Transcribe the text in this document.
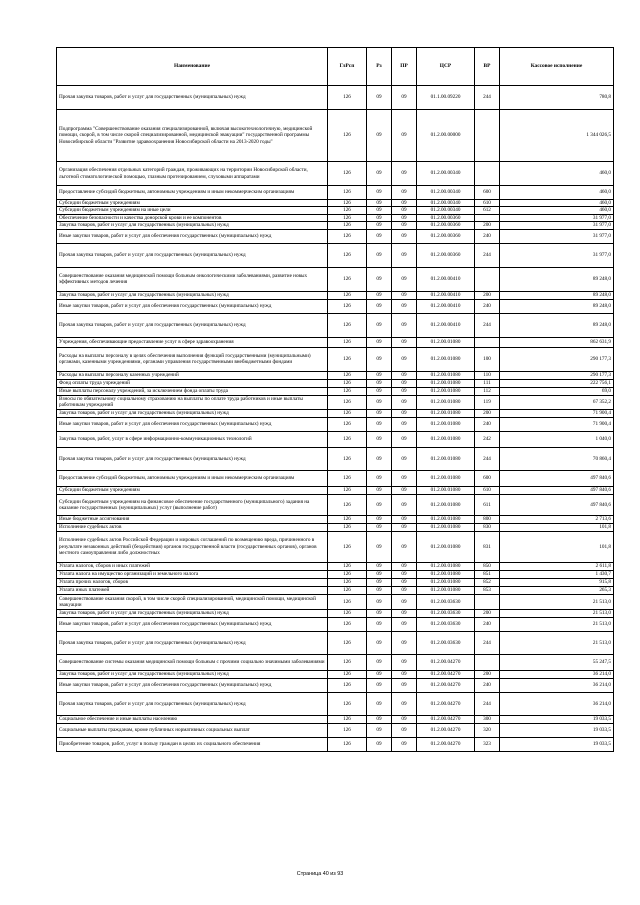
Наименование	ГлРсп	Рз	ПР	ЦСР	ВР	Кассовое исполнение
Прочая закупка товаров, работ и услуг для государственных (муниципальных) нужд	126	09	09	01.1.00.09220	244	780,8
Подпрограмма "Совершенствование оказания специализированной, включая высокотехнологичную, медицинской помощи, скорой, в том числе скорой специализированной, медицинской эвакуации" государственной программы Новосибирской области "Развитие здравоохранения Новосибирской области на 2013-2020 годы"	126	09	09	01.2.00.00000		1 344 026,5
Организация обеспечения отдельных категорий граждан, проживающих на территории Новосибирской области, льготной стоматологической помощью, глазным протезированием, слуховыми аппаратами	126	09	09	01.2.00.00340		460,0
Предоставление субсидий бюджетным, автономным учреждениям и иным некоммерческим организациям	126	09	09	01.2.00.00340	600	460,0
Субсидии бюджетным учреждениям	126	09	09	01.2.00.00340	610	460,0
Субсидии бюджетным учреждениям на иные цели	126	09	09	01.2.00.00340	612	460,0
Обеспечение безопасности и качества донорской крови и ее компонентов	126	09	09	01.2.00.00360		31 977,0
Закупка товаров, работ и услуг для государственных (муниципальных) нужд	126	09	09	01.2.00.00360	200	31 977,0
Иные закупки товаров, работ и услуг для обеспечения государственных (муниципальных) нужд	126	09	09	01.2.00.00360	240	31 977,0
Прочая закупка товаров, работ и услуг для государственных (муниципальных) нужд	126	09	09	01.2.00.00360	244	31 977,0
Совершенствование оказания медицинской помощи больным онкологическими заболеваниями, развитие новых эффективных методов лечения	126	09	09	01.2.00.00410		89 248,0
Закупка товаров, работ и услуг для государственных (муниципальных) нужд	126	09	09	01.2.00.00410	200	89 248,0
Иные закупки товаров, работ и услуг для обеспечения государственных (муниципальных) нужд	126	09	09	01.2.00.00410	240	89 248,0
Прочая закупка товаров, работ и услуг для государственных (муниципальных) нужд	126	09	09	01.2.00.00410	244	89 248,0
Учреждения, обеспечивающие предоставление услуг в сфере здравоохранения	126	09	09	01.2.00.01080		862 631,9
Расходы на выплаты персоналу в целях обеспечения выполнения функций государственными (муниципальными) органами, казенными учреждениями, органами управления государственными внебюджетными фондами	126	09	09	01.2.00.01080	100	290 177,3
Расходы на выплаты персоналу казенных учреждений	126	09	09	01.2.00.01080	110	290 177,3
Фонд оплаты труда учреждений	126	09	09	01.2.00.01080	111	222 756,1
Иные выплаты персоналу учреждений, за исключением фонда оплаты труда	126	09	09	01.2.00.01080	112	69,0
Взносы по обязательному социальному страхованию на выплаты по оплате труда работников и иные выплаты работникам учреждений	126	09	09	01.2.00.01080	119	67 352,2
Закупка товаров, работ и услуг для государственных (муниципальных) нужд	126	09	09	01.2.00.01080	200	71 900,4
Иные закупки товаров, работ и услуг для обеспечения государственных (муниципальных) нужд	126	09	09	01.2.00.01080	240	71 900,4
Закупка товаров, работ, услуг в сфере информационно-коммуникационных технологий	126	09	09	01.2.00.01080	242	1 040,0
Прочая закупка товаров, работ и услуг для государственных (муниципальных) нужд	126	09	09	01.2.00.01080	244	70 860,4
Предоставление субсидий бюджетным, автономным учреждениям и иным некоммерческим организациям	126	09	09	01.2.00.01080	600	497 840,6
Субсидии бюджетным учреждениям	126	09	09	01.2.00.01080	610	497 840,6
Субсидии бюджетным учреждениям на финансовое обеспечение государственного (муниципального) задания на оказание государственных (муниципальных) услуг (выполнение работ)	126	09	09	01.2.00.01080	611	497 840,6
Иные бюджетные ассигнования	126	09	09	01.2.00.01080	800	2 713,6
Исполнение судебных актов	126	09	09	01.2.00.01080	830	101,8
Исполнение судебных актов Российской Федерации и мировых соглашений по возмещению вреда, причиненного в результате незаконных действий (бездействия) органов государственной власти (государственных органов), органов местного самоуправления либо должностных	126	09	09	01.2.00.01080	831	101,8
Уплата налогов, сборов и иных платежей	126	09	09	01.2.00.01080	850	2 611,8
Уплата налога на имущество организаций и земельного налога	126	09	09	01.2.00.01080	851	1 430,7
Уплата прочих налогов, сборов	126	09	09	01.2.00.01080	852	915,8
Уплата иных платежей	126	09	09	01.2.00.01080	853	265,3
Совершенствование оказания скорой, в том числе скорой специализированной, медицинской помощи, медицинской эвакуации	126	09	09	01.2.00.03630		21 513,0
Закупка товаров, работ и услуг для государственных (муниципальных) нужд	126	09	09	01.2.00.03630	200	21 513,0
Иные закупки товаров, работ и услуг для обеспечения государственных (муниципальных) нужд	126	09	09	01.2.00.03630	240	21 513,0
Прочая закупка товаров, работ и услуг для государственных (муниципальных) нужд	126	09	09	01.2.00.03630	244	21 513,0
Совершенствование системы оказания медицинской помощи больным с прочими социально значимыми заболеваниями	126	09	09	01.2.00.04270		55 247,5
Закупка товаров, работ и услуг для государственных (муниципальных) нужд	126	09	09	01.2.00.04270	200	36 214,0
Иные закупки товаров, работ и услуг для обеспечения государственных (муниципальных) нужд	126	09	09	01.2.00.04270	240	36 214,0
Прочая закупка товаров, работ и услуг для государственных (муниципальных) нужд	126	09	09	01.2.00.04270	244	36 214,0
Социальное обеспечение и иные выплаты населению	126	09	09	01.2.00.04270	300	19 033,5
Социальные выплаты гражданам, кроме публичных нормативных социальных выплат	126	09	09	01.2.00.04270	320	19 033,5
Приобретение товаров, работ, услуг в пользу граждан в целях их социального обеспечения	126	09	09	01.2.00.04270	323	19 033,5
Страница 40 из 93
